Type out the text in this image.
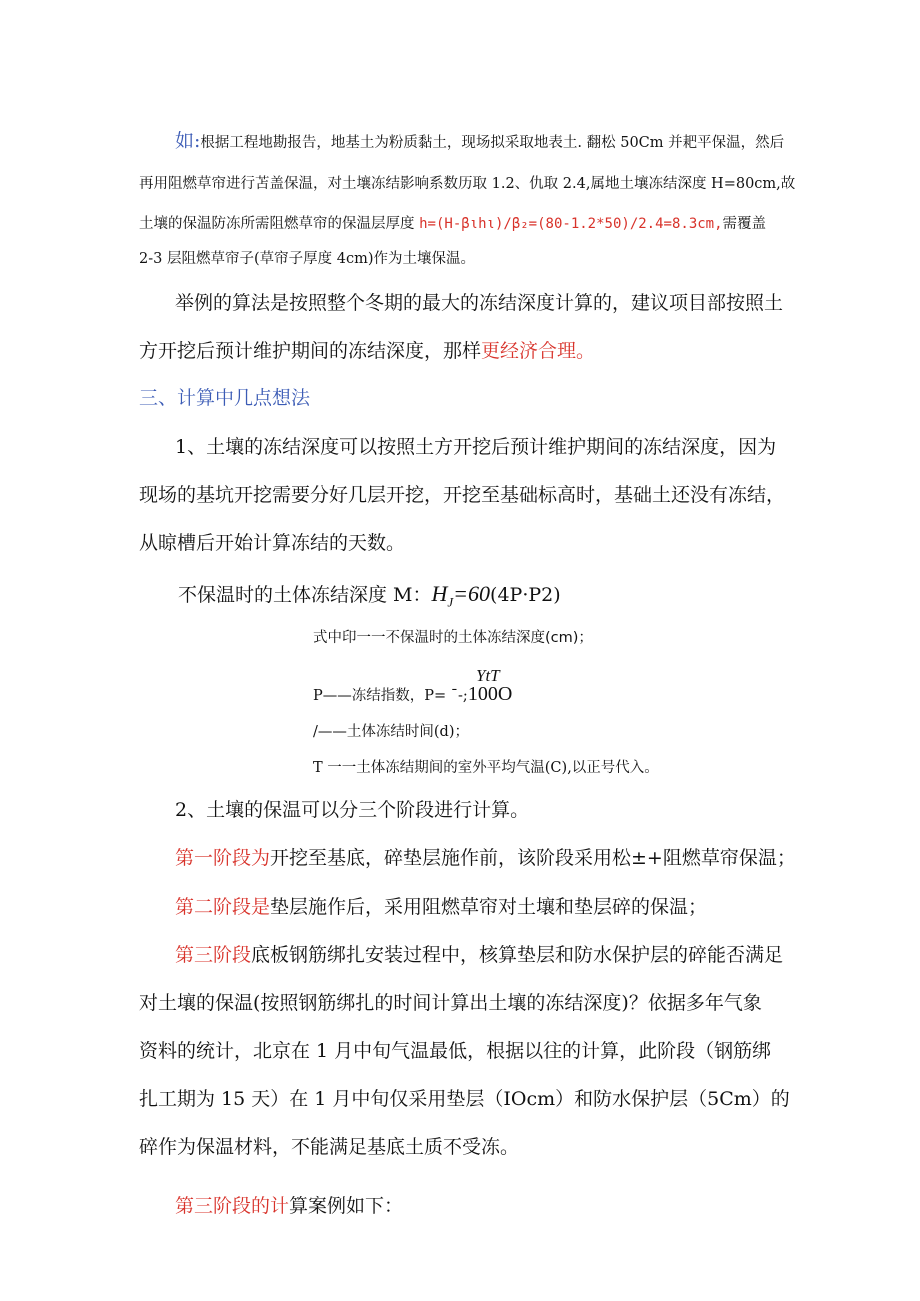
如:根据工程地勘报告，地基土为粉质黏土，现场拟采取地表土. 翻松 50Cm 并耙平保温，然后
再用阻燃草帘进行苫盖保温，对土壤冻结影响系数历取 1.2、仇取 2.4,属地土壤冻结深度 H=80cm,故
土壤的保温防冻所需阻燃草帘的保温层厚度 h=(H-βιhι)/β₂=(80-1.2*50)/2.4=8.3cm,需覆盖
2-3 层阻燃草帘子(草帘子厚度 4cm)作为土壤保温。
举例的算法是按照整个冬期的最大的冻结深度计算的，建议项目部按照土
方开挖后预计维护期间的冻结深度，那样更经济合理。
三、计算中几点想法
1、土壤的冻结深度可以按照土方开挖后预计维护期间的冻结深度，因为
现场的基坑开挖需要分好几层开挖，开挖至基础标高时，基础土还没有冻结，
从晾槽后开始计算冻结的天数。
不保温时的土体冻结深度 M：$H_J=60(4P\cdot P2)$
式中印一一不保温时的土体冻结深度(cm)；
YtT
P——冻结指数，P= ˉ-;100O
/——土体冻结时间(d)；
T 一一土体冻结期间的室外平均气温(C),以正号代入。
2、土壤的保温可以分三个阶段进行计算。
第一阶段为开挖至基底，碎垫层施作前，该阶段采用松±+阻燃草帘保温；
第二阶段是垫层施作后，采用阻燃草帘对土壤和垫层碎的保温；
第三阶段底板钢筋绑扎安装过程中，核算垫层和防水保护层的碎能否满足
对土壤的保温(按照钢筋绑扎的时间计算出土壤的冻结深度)？依据多年气象
资料的统计，北京在 1 月中旬气温最低，根据以往的计算，此阶段（钢筋绑
扎工期为 15 天）在 1 月中旬仅采用垫层（IOcm）和防水保护层（5Cm）的
碎作为保温材料，不能满足基底土质不受冻。
第三阶段的计算案例如下：
